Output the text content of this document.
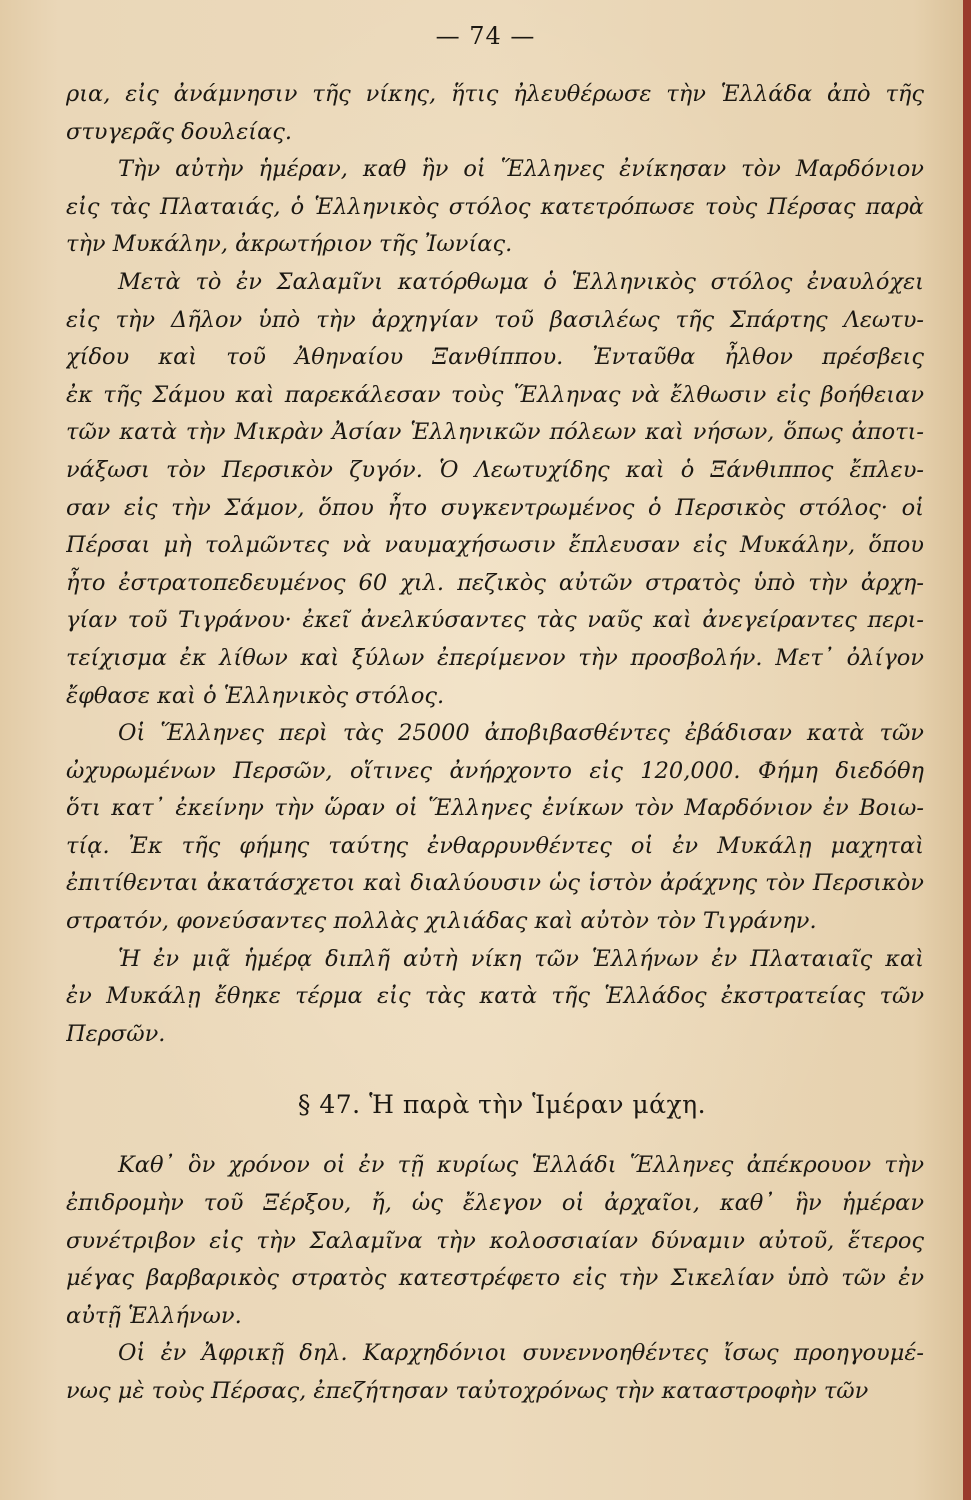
— 74 —
ρια, εἰς ἀνάμνησιν τῆς νίκης, ἥτις ἠλευθέρωσε τὴν Ἑλλάδα ἀπὸ τῆς
στυγερᾶς δουλείας.
Τὴν αὐτὴν ἡμέραν, καθ ἣν οἱ Ἕλληνες ἐνίκησαν τὸν Μαρδόνιον
εἰς τὰς Πλαταιάς, ὁ Ἑλληνικὸς στόλος κατετρόπωσε τοὺς Πέρσας παρὰ
τὴν Μυκάλην, ἀκρωτήριον τῆς Ἰωνίας.
Μετὰ τὸ ἐν Σαλαμῖνι κατόρθωμα ὁ Ἑλληνικὸς στόλος ἐναυλόχει
εἰς τὴν Δῆλον ὑπὸ τὴν ἀρχηγίαν τοῦ βασιλέως τῆς Σπάρτης Λεωτυ-
χίδου καὶ τοῦ Ἀθηναίου Ξανθίππου. Ἐνταῦθα ἦλθον πρέσβεις
ἐκ τῆς Σάμου καὶ παρεκάλεσαν τοὺς Ἕλληνας νὰ ἔλθωσιν εἰς βοήθειαν
τῶν κατὰ τὴν Μικρὰν Ἀσίαν Ἑλληνικῶν πόλεων καὶ νήσων, ὅπως ἀποτι-
νάξωσι τὸν Περσικὸν ζυγόν. Ὁ Λεωτυχίδης καὶ ὁ Ξάνθιππος ἔπλευ-
σαν εἰς τὴν Σάμον, ὅπου ἦτο συγκεντρωμένος ὁ Περσικὸς στόλος· οἱ
Πέρσαι μὴ τολμῶντες νὰ ναυμαχήσωσιν ἔπλευσαν εἰς Μυκάλην, ὅπου
ἦτο ἐστρατοπεδευμένος 60 χιλ. πεζικὸς αὐτῶν στρατὸς ὑπὸ τὴν ἀρχη-
γίαν τοῦ Τιγράνου· ἐκεῖ ἀνελκύσαντες τὰς ναῦς καὶ ἀνεγείραντες περι-
τείχισμα ἐκ λίθων καὶ ξύλων ἐπερίμενον τὴν προσβολήν. Μετ᾽ ὀλίγον
ἔφθασε καὶ ὁ Ἑλληνικὸς στόλος.
Οἱ Ἕλληνες περὶ τὰς 25000 ἀποβιβασθέντες ἐβάδισαν κατὰ τῶν
ὠχυρωμένων Περσῶν, οἵτινες ἀνήρχοντο εἰς 120,000. Φήμη διεδόθη
ὅτι κατ᾽ ἐκείνην τὴν ὥραν οἱ Ἕλληνες ἐνίκων τὸν Μαρδόνιον ἐν Βοιω-
τίᾳ. Ἐκ τῆς φήμης ταύτης ἐνθαρρυνθέντες οἱ ἐν Μυκάλῃ μαχηταὶ
ἐπιτίθενται ἀκατάσχετοι καὶ διαλύουσιν ὡς ἱστὸν ἀράχνης τὸν Περσικὸν
στρατόν, φονεύσαντες πολλὰς χιλιάδας καὶ αὐτὸν τὸν Τιγράνην.
Ἡ ἐν μιᾷ ἡμέρᾳ διπλῆ αὐτὴ νίκη τῶν Ἑλλήνων ἐν Πλαταιαῖς καὶ
ἐν Μυκάλῃ ἔθηκε τέρμα εἰς τὰς κατὰ τῆς Ἑλλάδος ἐκστρατείας τῶν
Περσῶν.
§ 47. Ἡ παρὰ τὴν Ἱμέραν μάχη.
Καθ᾽ ὃν χρόνον οἱ ἐν τῇ κυρίως Ἑλλάδι Ἕλληνες ἀπέκρουον τὴν
ἐπιδρομὴν τοῦ Ξέρξου, ἤ, ὡς ἔλεγον οἱ ἀρχαῖοι, καθ᾽ ἣν ἡμέραν
συνέτριβον εἰς τὴν Σαλαμῖνα τὴν κολοσσιαίαν δύναμιν αὐτοῦ, ἕτερος
μέγας βαρβαρικὸς στρατὸς κατεστρέφετο εἰς τὴν Σικελίαν ὑπὸ τῶν ἐν
αὐτῇ Ἑλλήνων.
Οἱ ἐν Ἀφρικῇ δηλ. Καρχηδόνιοι συνεννοηθέντες ἴσως προηγουμέ-
νως μὲ τοὺς Πέρσας, ἐπεζήτησαν ταὐτοχρόνως τὴν καταστροφὴν τῶν
